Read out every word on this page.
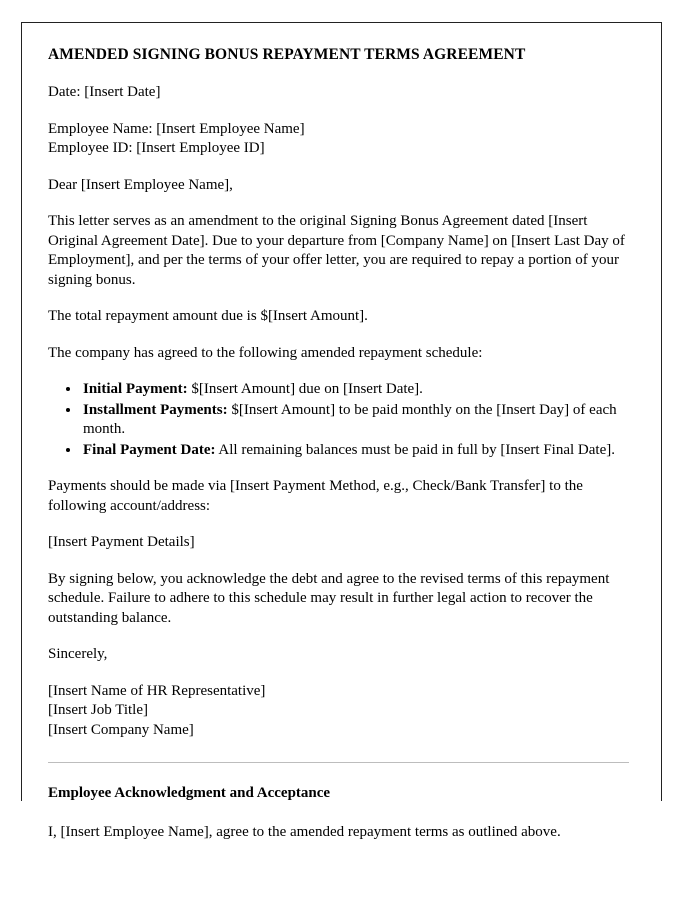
AMENDED SIGNING BONUS REPAYMENT TERMS AGREEMENT

Date: [Insert Date]

Employee Name: [Insert Employee Name]
Employee ID: [Insert Employee ID]

Dear [Insert Employee Name],

This letter serves as an amendment to the original Signing Bonus Agreement dated [Insert Original Agreement Date]. Due to your departure from [Company Name] on [Insert Last Day of Employment], and per the terms of your offer letter, you are required to repay a portion of your signing bonus.

The total repayment amount due is $[Insert Amount].

The company has agreed to the following amended repayment schedule:

• Initial Payment: $[Insert Amount] due on [Insert Date].
• Installment Payments: $[Insert Amount] to be paid monthly on the [Insert Day] of each month.
• Final Payment Date: All remaining balances must be paid in full by [Insert Final Date].

Payments should be made via [Insert Payment Method, e.g., Check/Bank Transfer] to the following account/address:

[Insert Payment Details]

By signing below, you acknowledge the debt and agree to the revised terms of this repayment schedule. Failure to adhere to this schedule may result in further legal action to recover the outstanding balance.

Sincerely,

[Insert Name of HR Representative]
[Insert Job Title]
[Insert Company Name]

Employee Acknowledgment and Acceptance

I, [Insert Employee Name], agree to the amended repayment terms as outlined above.
